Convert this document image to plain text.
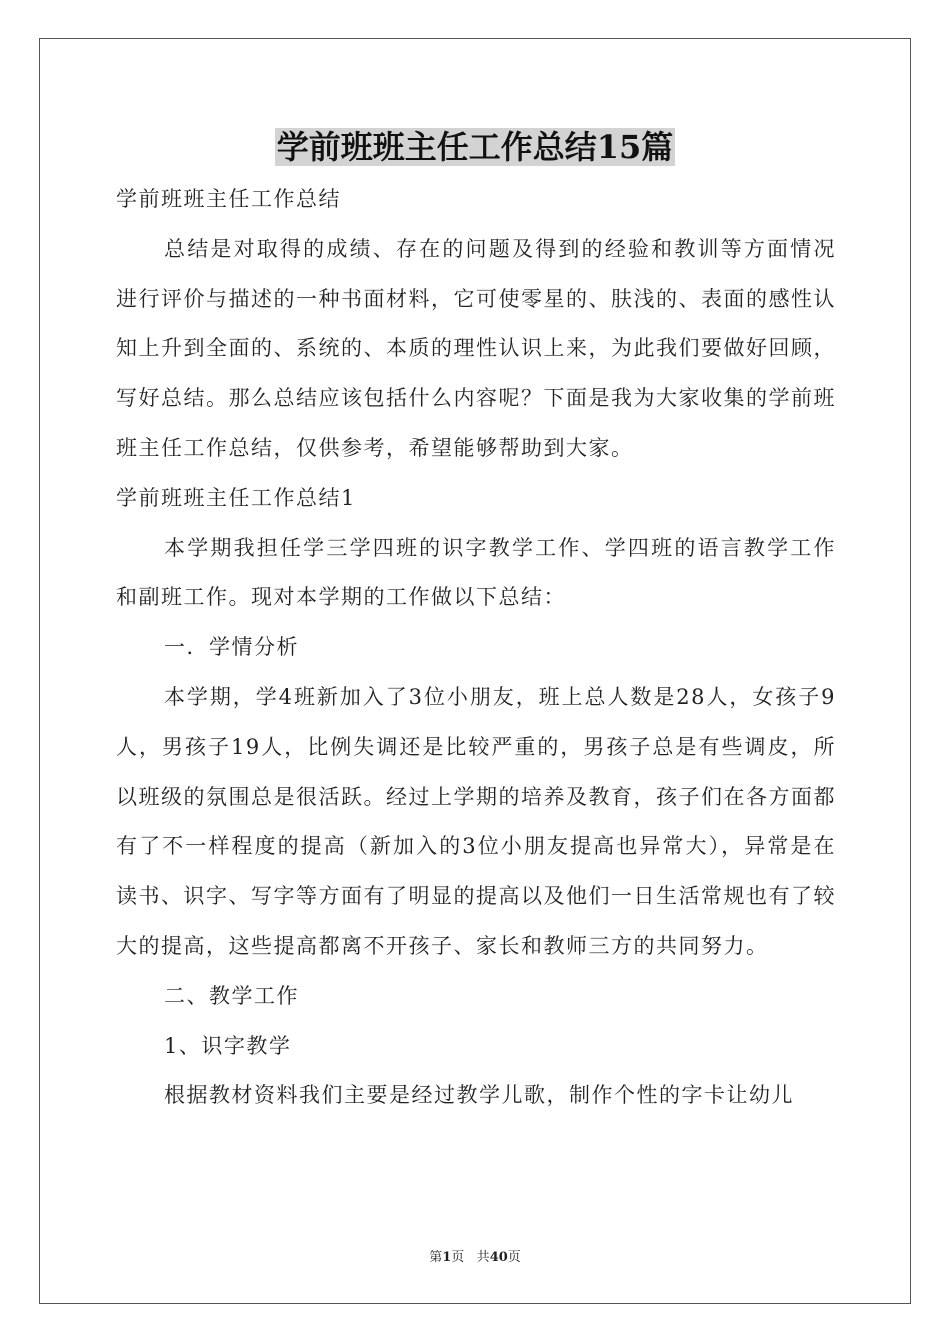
学前班班主任工作总结15篇

学前班班主任工作总结

总结是对取得的成绩、存在的问题及得到的经验和教训等方面情况进行评价与描述的一种书面材料，它可使零星的、肤浅的、表面的感性认知上升到全面的、系统的、本质的理性认识上来，为此我们要做好回顾，写好总结。那么总结应该包括什么内容呢？下面是我为大家收集的学前班班主任工作总结，仅供参考，希望能够帮助到大家。

学前班班主任工作总结1

本学期我担任学三学四班的识字教学工作、学四班的语言教学工作和副班工作。现对本学期的工作做以下总结：

一．学情分析

本学期，学4班新加入了3位小朋友，班上总人数是28人，女孩子9人，男孩子19人，比例失调还是比较严重的，男孩子总是有些调皮，所以班级的氛围总是很活跃。经过上学期的培养及教育，孩子们在各方面都有了不一样程度的提高（新加入的3位小朋友提高也异常大），异常是在读书、识字、写字等方面有了明显的提高以及他们一日生活常规也有了较大的提高，这些提高都离不开孩子、家长和教师三方的共同努力。

二、教学工作

1、识字教学

根据教材资料我们主要是经过教学儿歌，制作个性的字卡让幼儿

第1页 共40页
